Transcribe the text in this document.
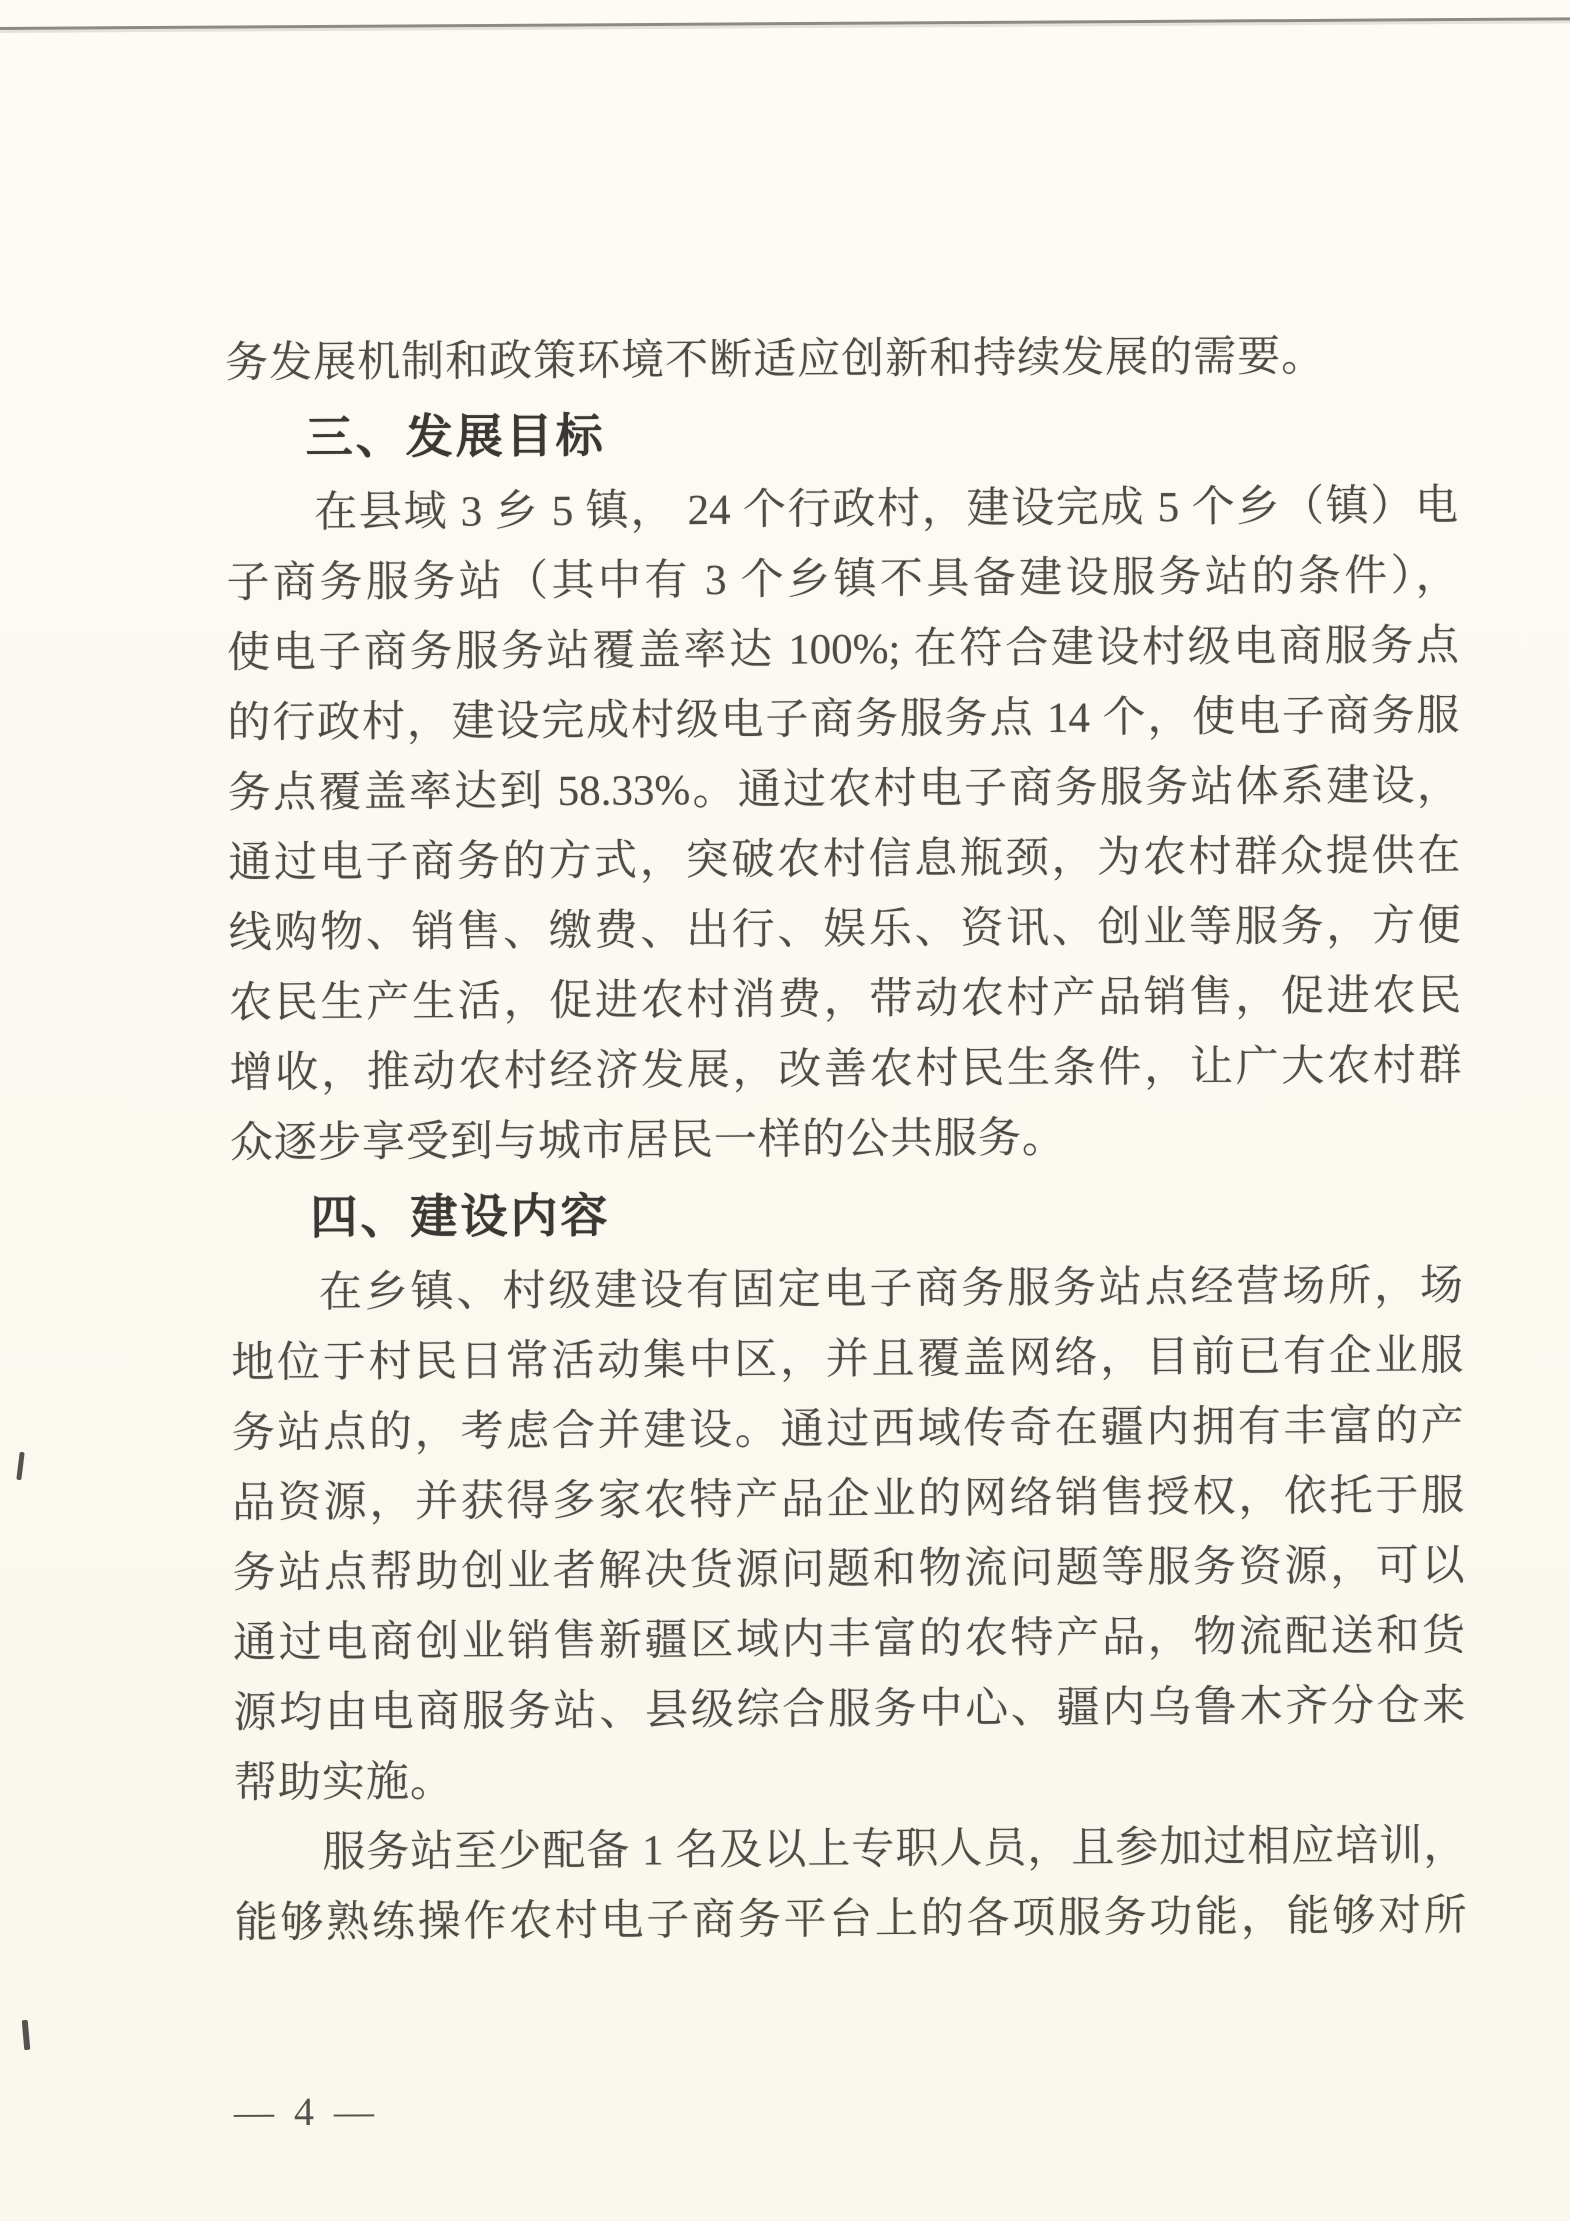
务发展机制和政策环境不断适应创新和持续发展的需要。
三、发展目标
在县域 3 乡 5 镇， 24 个行政村，建设完成 5 个乡（镇）电
子商务服务站（其中有 3 个乡镇不具备建设服务站的条件），
使电子商务服务站覆盖率达 100%; 在符合建设村级电商服务点
的行政村，建设完成村级电子商务服务点 14 个，使电子商务服
务点覆盖率达到 58.33%。通过农村电子商务服务站体系建设，
通过电子商务的方式，突破农村信息瓶颈，为农村群众提供在
线购物、销售、缴费、出行、娱乐、资讯、创业等服务，方便
农民生产生活，促进农村消费，带动农村产品销售，促进农民
增收，推动农村经济发展，改善农村民生条件，让广大农村群
众逐步享受到与城市居民一样的公共服务。
四、建设内容
在乡镇、村级建设有固定电子商务服务站点经营场所，场
地位于村民日常活动集中区，并且覆盖网络，目前已有企业服
务站点的，考虑合并建设。通过西域传奇在疆内拥有丰富的产
品资源，并获得多家农特产品企业的网络销售授权，依托于服
务站点帮助创业者解决货源问题和物流问题等服务资源，可以
通过电商创业销售新疆区域内丰富的农特产品，物流配送和货
源均由电商服务站、县级综合服务中心、疆内乌鲁木齐分仓来
帮助实施。
服务站至少配备 1 名及以上专职人员，且参加过相应培训，
能够熟练操作农村电子商务平台上的各项服务功能，能够对所
— 4 —
